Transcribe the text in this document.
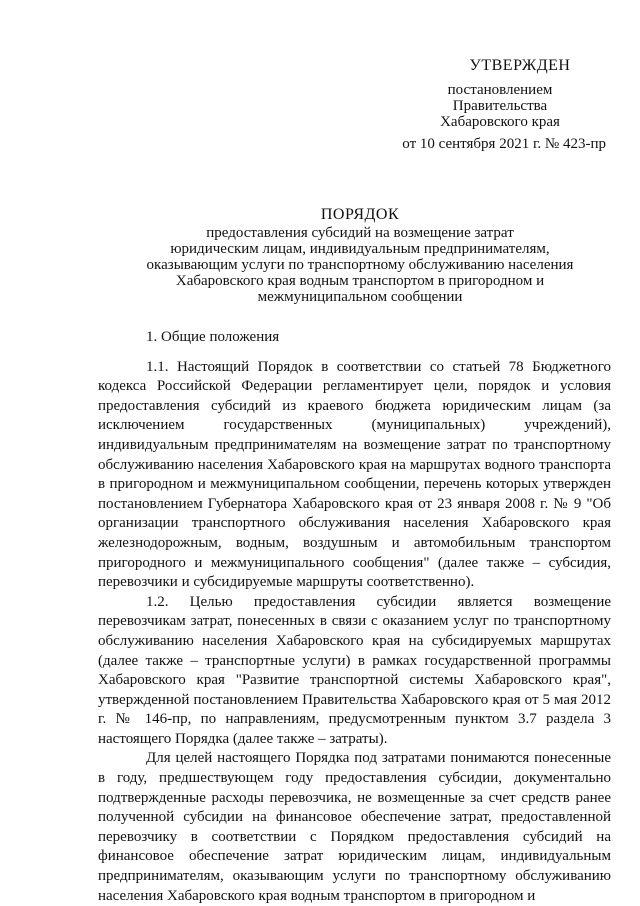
УТВЕРЖДЕН
постановлением
Правительства
Хабаровского края
от 10 сентября 2021 г. № 423-пр
ПОРЯДОК
предоставления субсидий на возмещение затрат
юридическим лицам, индивидуальным предпринимателям,
оказывающим услуги по транспортному обслуживанию населения
Хабаровского края водным транспортом в пригородном и
межмуниципальном сообщении
1. Общие положения

1.1. Настоящий Порядок в соответствии со статьей 78 Бюджетного кодекса Российской Федерации регламентирует цели, порядок и условия предоставления субсидий из краевого бюджета юридическим лицам (за исключением государственных (муниципальных) учреждений), индивидуальным предпринимателям на возмещение затрат по транспортному обслуживанию населения Хабаровского края на маршрутах водного транспорта в пригородном и межмуниципальном сообщении, перечень которых утвержден постановлением Губернатора Хабаровского края от 23 января 2008 г. № 9 "Об организации транспортного обслуживания населения Хабаровского края железнодорожным, водным, воздушным и автомобильным транспортом пригородного и межмуниципального сообщения" (далее также – субсидия, перевозчики и субсидируемые маршруты соответственно).

1.2. Целью предоставления субсидии является возмещение перевозчикам затрат, понесенных в связи с оказанием услуг по транспортному обслуживанию населения Хабаровского края на субсидируемых маршрутах (далее также – транспортные услуги) в рамках государственной программы Хабаровского края "Развитие транспортной системы Хабаровского края", утвержденной постановлением Правительства Хабаровского края от 5 мая 2012 г. № 146-пр, по направлениям, предусмотренным пунктом 3.7 раздела 3 настоящего Порядка (далее также – затраты).

Для целей настоящего Порядка под затратами понимаются понесенные в году, предшествующем году предоставления субсидии, документально подтвержденные расходы перевозчика, не возмещенные за счет средств ранее полученной субсидии на финансовое обеспечение затрат, предоставленной перевозчику в соответствии с Порядком предоставления субсидий на финансовое обеспечение затрат юридическим лицам, индивидуальным предпринимателям, оказывающим услуги по транспортному обслуживанию населения Хабаровского края водным транспортом в пригородном и
